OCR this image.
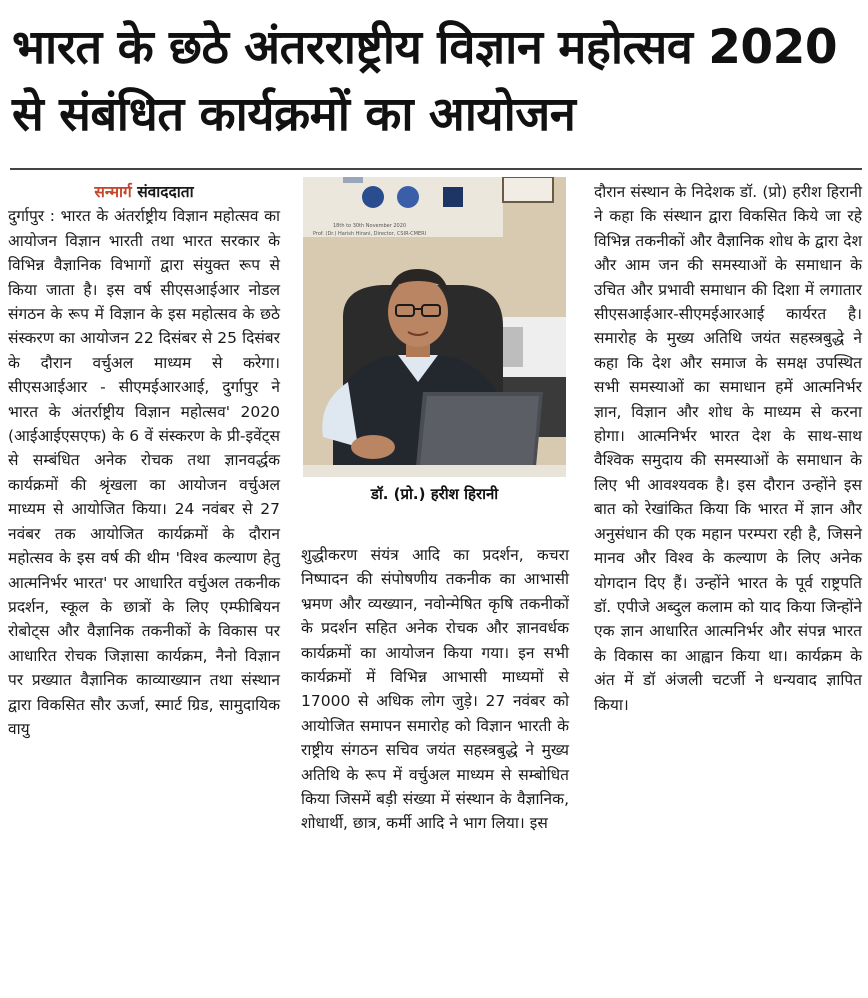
भारत के छठे अंतरराष्ट्रीय विज्ञान महोत्सव 2020 से संबंधित कार्यक्रमों का आयोजन

सन्मार्ग संवाददाता

दुर्गापुर : भारत के अंतर्राष्ट्रीय विज्ञान महोत्सव का आयोजन विज्ञान भारती तथा भारत सरकार के विभिन्न वैज्ञानिक विभागों द्वारा संयुक्त रूप से किया जाता है। इस वर्ष सीएसआईआर नोडल संगठन के रूप में विज्ञान के इस महोत्सव के छठे संस्करण का आयोजन 22 दिसंबर से 25 दिसंबर के दौरान वर्चुअल माध्यम से करेगा। सीएसआईआर - सीएमईआरआई, दुर्गापुर ने भारत के अंतर्राष्ट्रीय विज्ञान महोत्सव' 2020 (आईआईएसएफ) के 6 वें संस्करण के प्री-इवेंट्स से सम्बंधित अनेक रोचक तथा ज्ञानवर्द्धक कार्यक्रमों की श्रृंखला का आयोजन वर्चुअल माध्यम से आयोजित किया। 24 नवंबर से 27 नवंबर तक आयोजित कार्यक्रमों के दौरान महोत्सव के इस वर्ष की थीम 'विश्व कल्याण हेतु आत्मनिर्भर भारत' पर आधारित वर्चुअल तकनीक प्रदर्शन, स्कूल के छात्रों के लिए एम्फीबियन रोबोट्स और वैज्ञानिक तकनीकों के विकास पर आधारित रोचक जिज्ञासा कार्यक्रम, नैनो विज्ञान पर प्रख्यात वैज्ञानिक काव्याख्यान तथा संस्थान द्वारा विकसित सौर ऊर्जा, स्मार्ट ग्रिड, सामुदायिक वायु

18th to 30th November 2020
Prof. (Dr.) Harish Hirani, Director, CSIR-CMERI
डॉ. (प्रो.) हरीश हिरानी

शुद्धीकरण संयंत्र आदि का प्रदर्शन, कचरा निष्पादन की संपोषणीय तकनीक का आभासी भ्रमण और व्यख्यान, नवोन्मेषित कृषि तकनीकों के प्रदर्शन सहित अनेक रोचक और ज्ञानवर्धक कार्यक्रमों का आयोजन किया गया। इन सभी कार्यक्रमों में विभिन्न आभासी माध्यमों से 17000 से अधिक लोग जुड़े। 27 नवंबर को आयोजित समापन समारोह को विज्ञान भारती के राष्ट्रीय संगठन सचिव जयंत सहस्त्रबुद्धे ने मुख्य अतिथि के रूप में वर्चुअल माध्यम से सम्बोधित किया जिसमें बड़ी संख्या में संस्थान के वैज्ञानिक, शोधार्थी, छात्र, कर्मी आदि ने भाग लिया। इस

दौरान संस्थान के निदेशक डॉ. (प्रो) हरीश हिरानी ने कहा कि संस्थान द्वारा विकसित किये जा रहे विभिन्न तकनीकों और वैज्ञानिक शोध के द्वारा देश और आम जन की समस्याओं के समाधान के उचित और प्रभावी समाधान की दिशा में लगातार सीएसआईआर-सीएमईआरआई कार्यरत है। समारोह के मुख्य अतिथि जयंत सहस्त्रबुद्धे ने कहा कि देश और समाज के समक्ष उपस्थित सभी समस्याओं का समाधान हमें आत्मनिर्भर ज्ञान, विज्ञान और शोध के माध्यम से करना होगा। आत्मनिर्भर भारत देश के साथ-साथ वैश्विक समुदाय की समस्याओं के समाधान के लिए भी आवश्यवक है। इस दौरान उन्होंने इस बात को रेखांकित किया कि भारत में ज्ञान और अनुसंधान की एक महान परम्परा रही है, जिसने मानव और विश्व के कल्याण के लिए अनेक योगदान दिए हैं। उन्होंने भारत के पूर्व राष्ट्रपति डॉ. एपीजे अब्दुल कलाम को याद किया जिन्होंने एक ज्ञान आधारित आत्मनिर्भर और संपन्न भारत के विकास का आह्वान किया था। कार्यक्रम के अंत में डॉ अंजली चटर्जी ने धन्यवाद ज्ञापित किया।
